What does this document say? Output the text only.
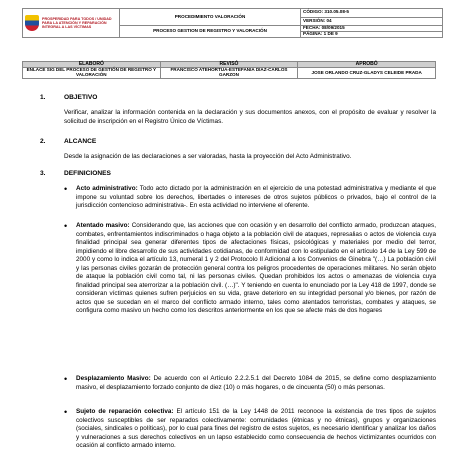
PROSPERIDAD PARA TODOS / UNIDAD PARA LA ATENCIÓN Y REPARACIÓN INTEGRAL A LAS VÍCTIMAS	PROCEDIMIENTO VALORACIÓN	CÓDIGO: 310.05.08-5
		VERSIÓN: 04
	PROCESO GESTION DE REGISTRO Y VALORACIÓN	FECHA: 08/09/2015
		PÁGINA: 1 DE 9
ELABORÓ	REVISÓ	APROBÓ
ENLACE SIG DEL PROCESO DE GESTIÓN DE REGISTRO Y VALORACIÓN	FRANCISCO ATEHORTUA-ESTEFANIA DIAZ-CARLOS GARZON	JOSE ORLANDO CRUZ-GLADYS CELEIDE PRADA
1.	OBJETIVO
Verificar, analizar la información contenida en la declaración y sus documentos anexos, con el propósito de evaluar y resolver la solicitud de inscripción en el Registro Único de Víctimas.
2.	ALCANCE
Desde la asignación de las declaraciones a ser valoradas, hasta la proyección del Acto Administrativo.
3.	DEFINICIONES
• Acto administrativo: Todo acto dictado por la administración en el ejercicio de una potestad administrativa y mediante el que impone su voluntad sobre los derechos, libertades o intereses de otros sujetos públicos o privados, bajo el control de la jurisdicción contencioso administrativa-. En esta actividad no interviene el oferente.
• Atentado masivo: Considerando que, las acciones que con ocasión y en desarrollo del conflicto armado, produzcan ataques, combates, enfrentamientos indiscriminados o haga objeto a la población civil de ataques, represalias o actos de violencia cuya finalidad principal sea generar diferentes tipos de afectaciones físicas, psicológicas y materiales por medio del terror, impidiendo el libre desarrollo de sus actividades cotidianas, de conformidad con lo estipulado en el artículo 14 de la Ley 599 de 2000 y como lo indica el artículo 13, numeral 1 y 2 del Protocolo II Adicional a los Convenios de Ginebra "(…) La población civil y las personas civiles gozarán de protección general contra los peligros procedentes de operaciones militares. No serán objeto de ataque la población civil como tal, ni las personas civiles. Quedan prohibidos los actos o amenazas de violencia cuya finalidad principal sea aterrorizar a la población civil. (…)". Y teniendo en cuenta lo enunciado por la Ley 418 de 1997, donde se consideran víctimas quienes sufren perjuicios en su vida, grave deterioro en su integridad personal y/o bienes, por razón de actos que se sucedan en el marco del conflicto armado interno, tales como atentados terroristas, combates y ataques, se configura como masivo un hecho como los descritos anteriormente en los que se afecte más de dos hogares
• Desplazamiento Masivo: De acuerdo con el Artículo 2.2.2.5.1 del Decreto 1084 de 2015, se define como desplazamiento masivo, el desplazamiento forzado conjunto de diez (10) o más hogares, o de cincuenta (50) o más personas.
• Sujeto de reparación colectiva: El artículo 151 de la Ley 1448 de 2011 reconoce la existencia de tres tipos de sujetos colectivos susceptibles de ser reparados colectivamente: comunidades (étnicas y no étnicas), grupos y organizaciones (sociales, sindicales o políticas), por lo cual para fines del registro de estos sujetos, es necesario identificar y analizar los daños y vulneraciones a sus derechos colectivos en un lapso establecido como consecuencia de hechos victimizantes ocurridos con ocasión al conflicto armado interno.
